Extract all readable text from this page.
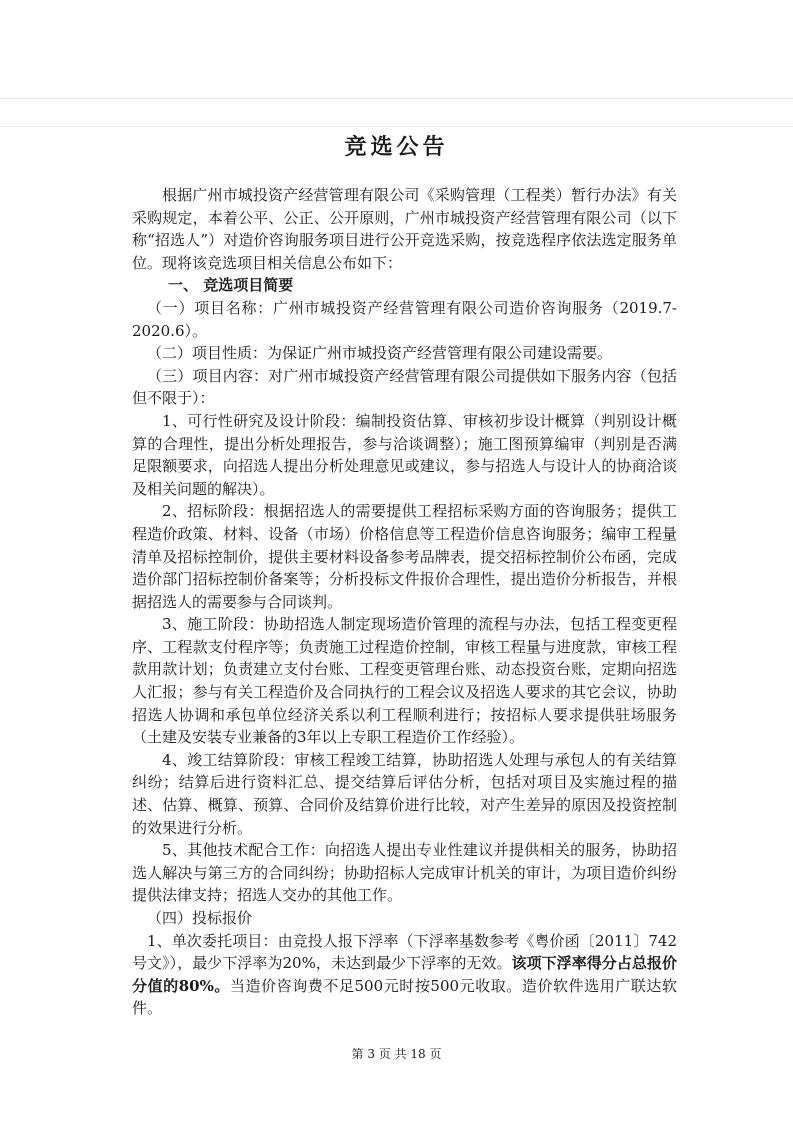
竞选公告

根据广州市城投资产经营管理有限公司《采购管理（工程类）暂行办法》有关采购规定，本着公平、公正、公开原则，广州市城投资产经营管理有限公司（以下称“招选人”）对造价咨询服务项目进行公开竞选采购，按竞选程序依法选定服务单位。现将该竞选项目相关信息公布如下：

一、 竞选项目简要

（一）项目名称：广州市城投资产经营管理有限公司造价咨询服务（2019.7-2020.6）。

（二）项目性质：为保证广州市城投资产经营管理有限公司建设需要。

（三）项目内容：对广州市城投资产经营管理有限公司提供如下服务内容（包括但不限于）：

1、可行性研究及设计阶段：编制投资估算、审核初步设计概算（判别设计概算的合理性，提出分析处理报告，参与洽谈调整）；施工图预算编审（判别是否满足限额要求，向招选人提出分析处理意见或建议，参与招选人与设计人的协商洽谈及相关问题的解决）。

2、招标阶段：根据招选人的需要提供工程招标采购方面的咨询服务；提供工程造价政策、材料、设备（市场）价格信息等工程造价信息咨询服务；编审工程量清单及招标控制价，提供主要材料设备参考品牌表，提交招标控制价公布函，完成造价部门招标控制价备案等；分析投标文件报价合理性，提出造价分析报告，并根据招选人的需要参与合同谈判。

3、施工阶段：协助招选人制定现场造价管理的流程与办法，包括工程变更程序、工程款支付程序等；负责施工过程造价控制，审核工程量与进度款，审核工程款用款计划；负责建立支付台账、工程变更管理台账、动态投资台账，定期向招选人汇报；参与有关工程造价及合同执行的工程会议及招选人要求的其它会议，协助招选人协调和承包单位经济关系以利工程顺利进行；按招标人要求提供驻场服务（土建及安装专业兼备的3年以上专职工程造价工作经验）。

4、竣工结算阶段：审核工程竣工结算，协助招选人处理与承包人的有关结算纠纷；结算后进行资料汇总、提交结算后评估分析，包括对项目及实施过程的描述、估算、概算、预算、合同价及结算价进行比较，对产生差异的原因及投资控制的效果进行分析。

5、其他技术配合工作：向招选人提出专业性建议并提供相关的服务，协助招选人解决与第三方的合同纠纷；协助招标人完成审计机关的审计，为项目造价纠纷提供法律支持；招选人交办的其他工作。

（四）投标报价

1、单次委托项目：由竞投人报下浮率（下浮率基数参考《粤价函〔2011〕742号文》），最少下浮率为20%，未达到最少下浮率的无效。该项下浮率得分占总报价分值的80%。当造价咨询费不足500元时按500元收取。造价软件选用广联达软件。

第 3 页 共 18 页
